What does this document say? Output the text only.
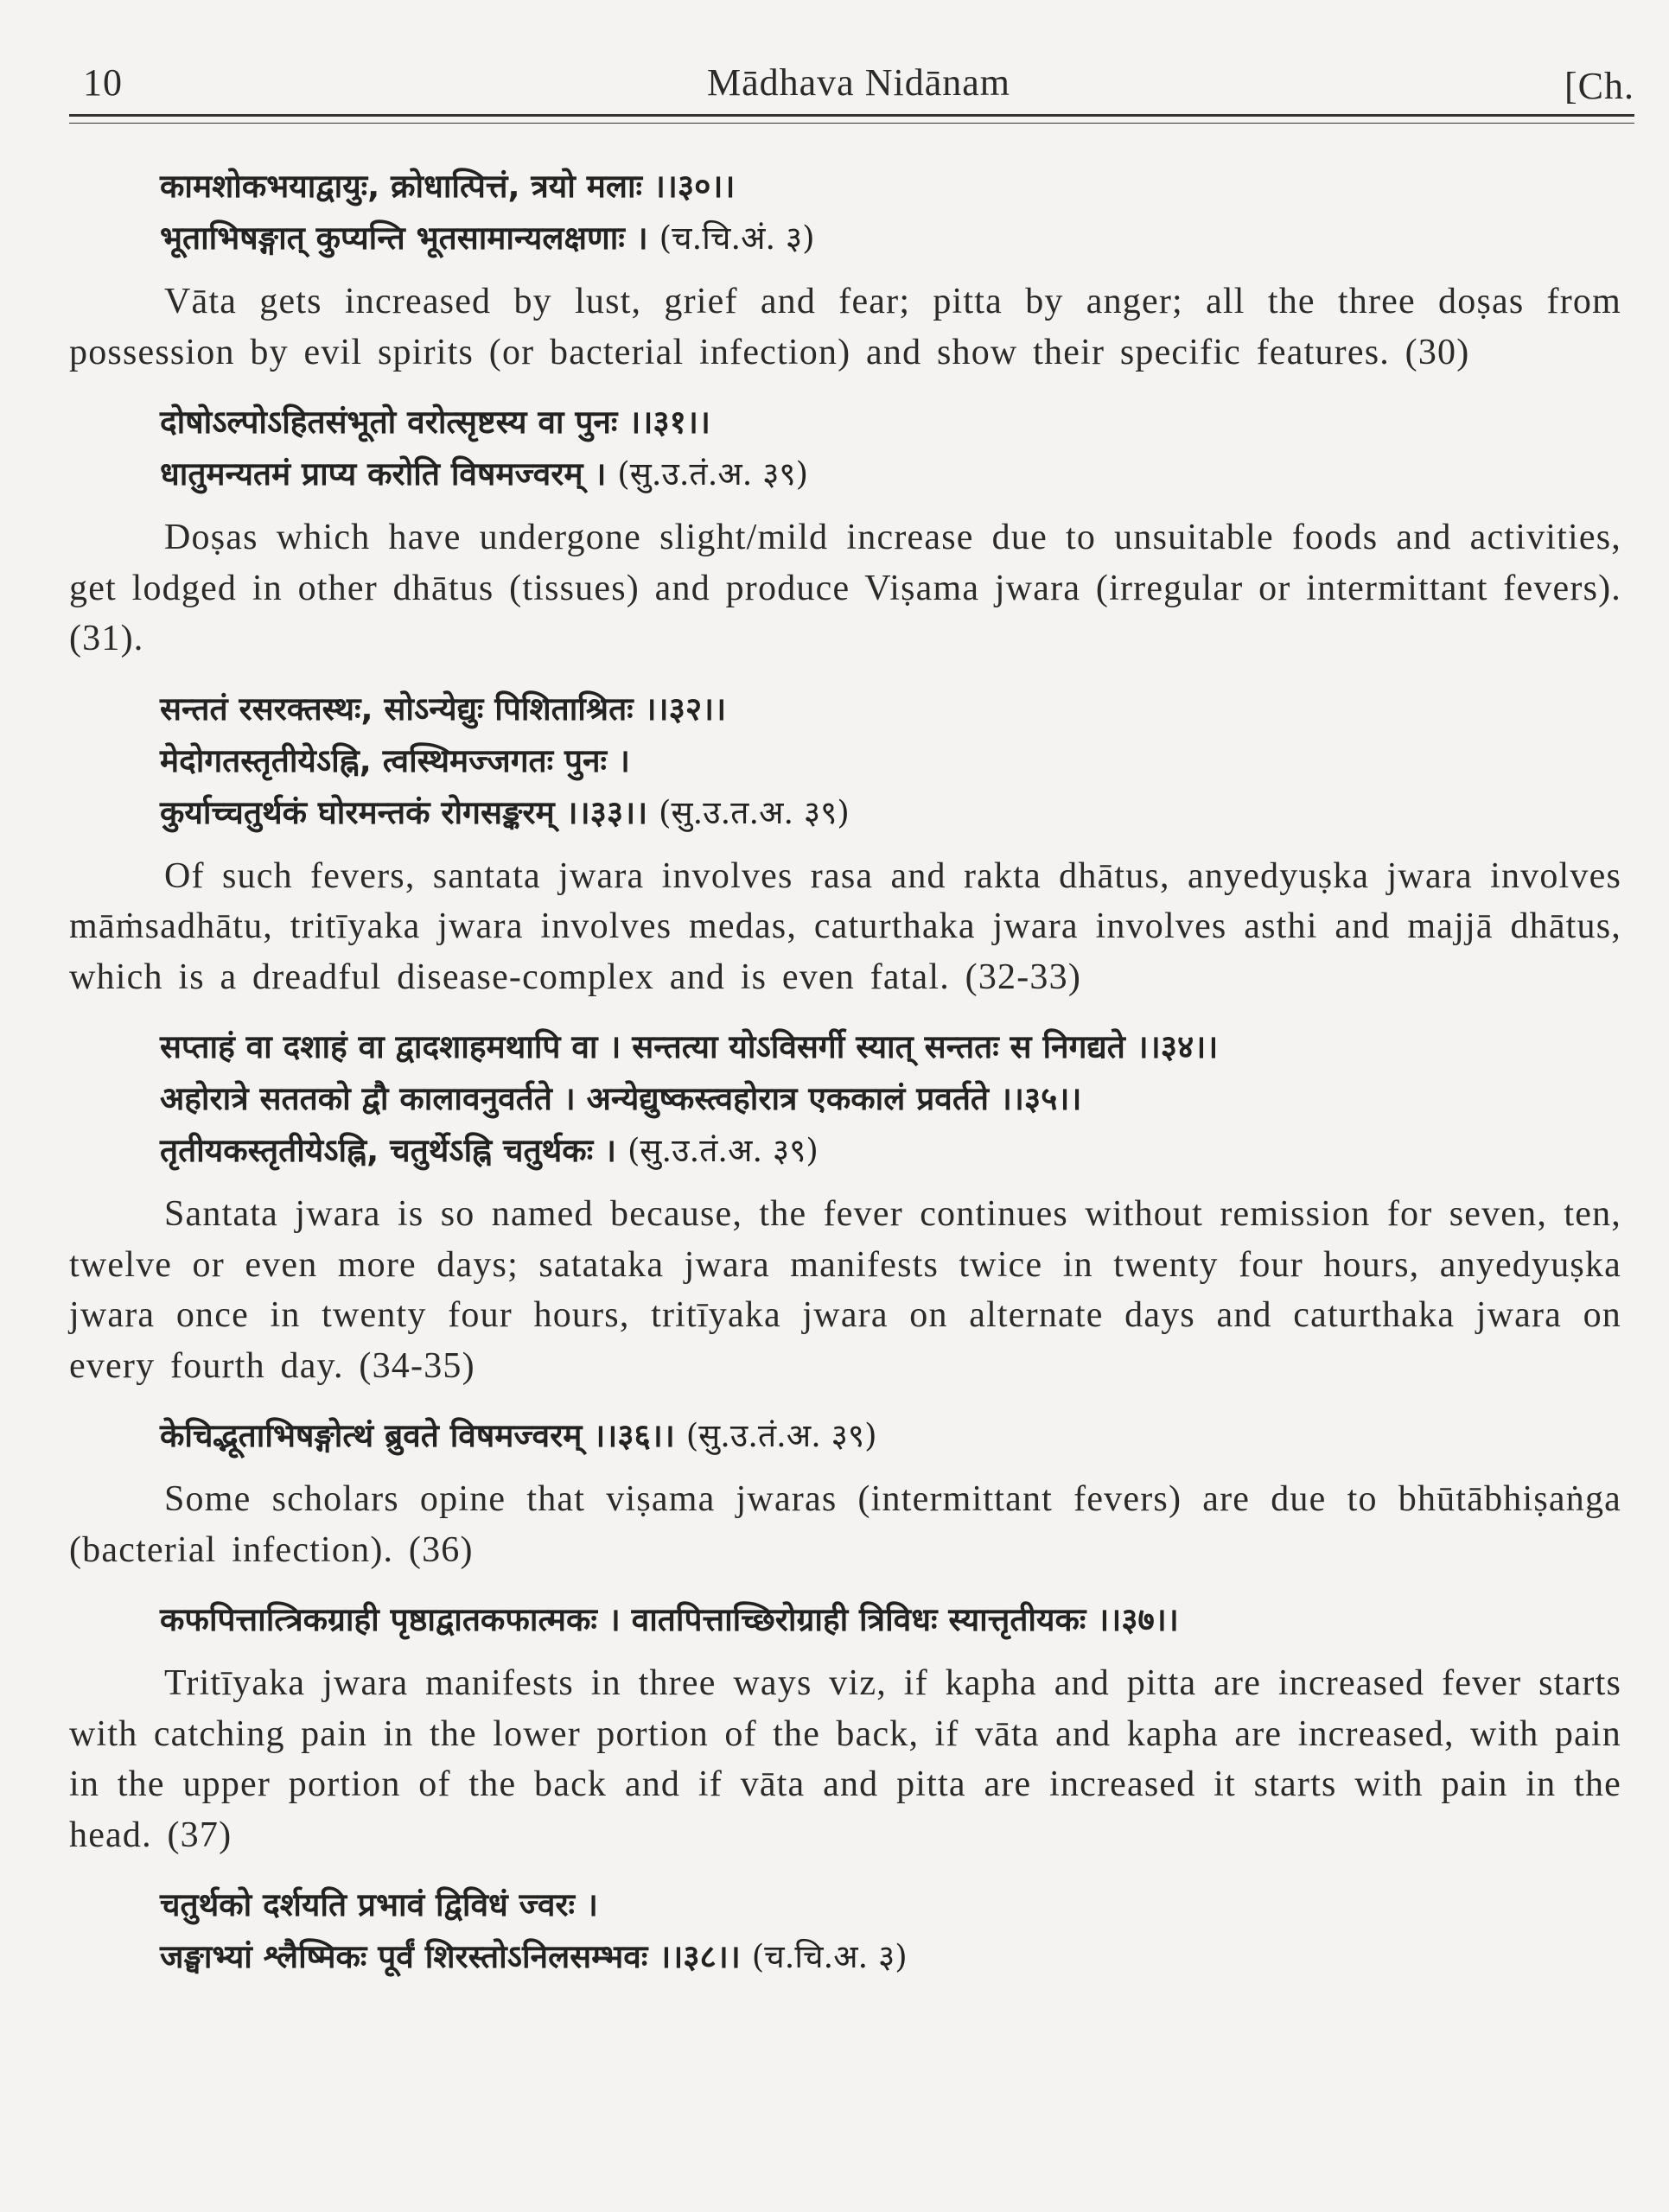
10	Mādhava Nidānam	[Ch.
कामशोकभयाद्वायुः, क्रोधात्पित्तं, त्रयो मलाः ।।३०।।
भूताभिषङ्गात् कुप्यन्ति भूतसामान्यलक्षणाः । (च.चि.अं. ३)

Vāta gets increased by lust, grief and fear; pitta by anger; all the three doṣas from possession by evil spirits (or bacterial infection) and show their specific features. (30)

दोषोऽल्पोऽहितसंभूतो वरोत्सृष्टस्य वा पुनः ।।३१।।
धातुमन्यतमं प्राप्य करोति विषमज्वरम् । (सु.उ.तं.अ. ३९)

Doṣas which have undergone slight/mild increase due to unsuitable foods and activities, get lodged in other dhātus (tissues) and produce Viṣama jwara (irregular or intermittant fevers). (31).

सन्ततं रसरक्तस्थः, सोऽन्येद्युः पिशिताश्रितः ।।३२।।
मेदोगतस्तृतीयेऽह्नि, त्वस्थिमज्जगतः पुनः ।
कुर्याच्चतुर्थकं घोरमन्तकं रोगसङ्करम् ।।३३।। (सु.उ.त.अ. ३९)

Of such fevers, santata jwara involves rasa and rakta dhātus, anyedyuṣka jwara involves māṁsadhātu, tritīyaka jwara involves medas, caturthaka jwara involves asthi and majjā dhātus, which is a dreadful disease-complex and is even fatal. (32-33)

सप्ताहं वा दशाहं वा द्वादशाहमथापि वा । सन्तत्या योऽविसर्गी स्यात् सन्ततः स निगद्यते ।।३४।।
अहोरात्रे सततको द्वौ कालावनुवर्तते । अन्येद्युष्कस्त्वहोरात्र एककालं प्रवर्तते ।।३५।।
तृतीयकस्तृतीयेऽह्नि, चतुर्थेऽह्नि चतुर्थकः । (सु.उ.तं.अ. ३९)

Santata jwara is so named because, the fever continues without remission for seven, ten, twelve or even more days; satataka jwara manifests twice in twenty four hours, anyedyuṣka jwara once in twenty four hours, tritīyaka jwara on alternate days and caturthaka jwara on every fourth day. (34-35)

केचिद्भूताभिषङ्गोत्थं ब्रुवते विषमज्वरम् ।।३६।। (सु.उ.तं.अ. ३९)

Some scholars opine that viṣama jwaras (intermittant fevers) are due to bhūtābhiṣaṅga (bacterial infection). (36)

कफपित्तात्त्रिकग्राही पृष्ठाद्वातकफात्मकः । वातपित्ताच्छिरोग्राही त्रिविधः स्यात्तृतीयकः ।।३७।।

Tritīyaka jwara manifests in three ways viz, if kapha and pitta are increased fever starts with catching pain in the lower portion of the back, if vāta and kapha are increased, with pain in the upper portion of the back and if vāta and pitta are increased it starts with pain in the head. (37)

चतुर्थको दर्शयति प्रभावं द्विविधं ज्वरः ।
जङ्घाभ्यां श्लैष्मिकः पूर्वं शिरस्तोऽनिलसम्भवः ।।३८।। (च.चि.अ. ३)
